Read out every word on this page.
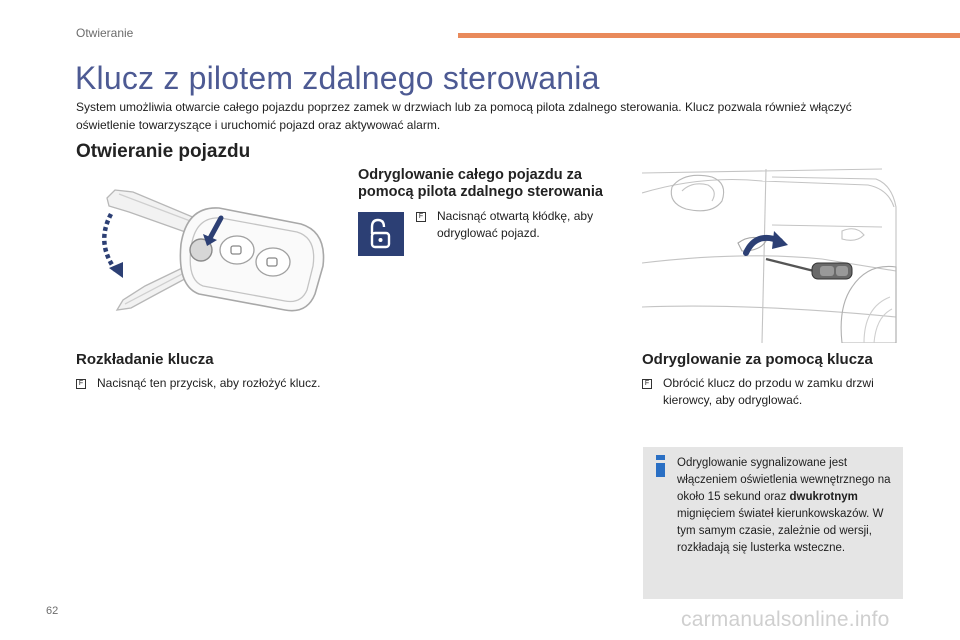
Otwieranie
Klucz z pilotem zdalnego sterowania

System umożliwia otwarcie całego pojazdu poprzez zamek w drzwiach lub za pomocą pilota zdalnego sterowania. Klucz pozwala również włączyć oświetlenie towarzyszące i uruchomić pojazd oraz aktywować alarm.

Otwieranie pojazdu
Odryglowanie całego pojazdu za pomocą pilota zdalnego sterowania
F Nacisnąć otwartą kłódkę, aby odryglować pojazd.
Rozkładanie klucza
F Nacisnąć ten przycisk, aby rozłożyć klucz.
Odryglowanie za pomocą klucza
F Obrócić klucz do przodu w zamku drzwi kierowcy, aby odryglować.
Odryglowanie sygnalizowane jest włączeniem oświetlenia wewnętrznego na około 15 sekund oraz dwukrotnym mignięciem świateł kierunkowskazów. W tym samym czasie, zależnie od wersji, rozkładają się lusterka wsteczne.
62	carmanualsonline.info
